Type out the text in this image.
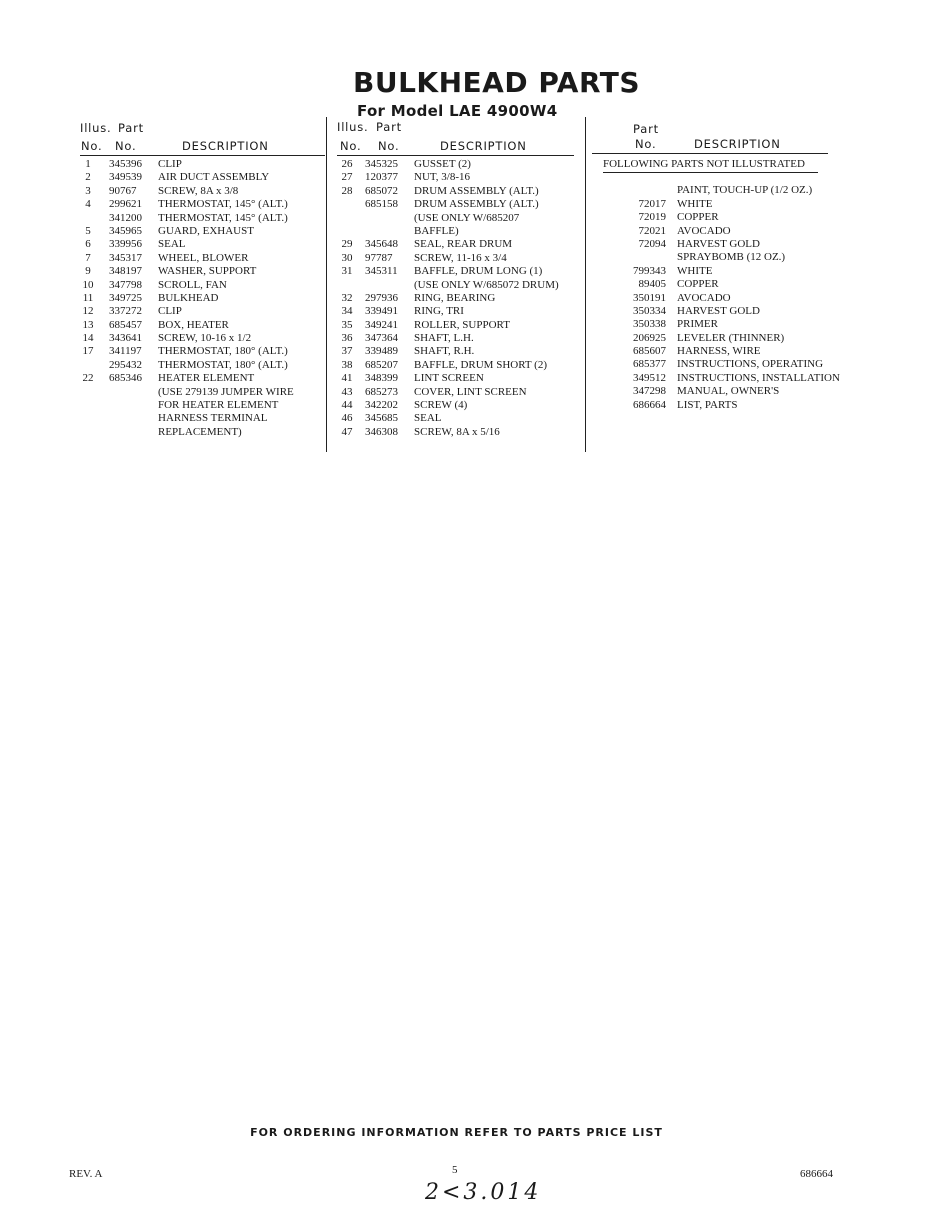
BULKHEAD PARTS
For Model LAE 4900W4
Illus. Part
No. No.	DESCRIPTION
Illus. Part
No. No.	DESCRIPTION
Part
No.	DESCRIPTION
1	345396 CLIP
2	349539 AIR DUCT ASSEMBLY
3	90767 SCREW, 8A x 3/8
4	299621 THERMOSTAT, 145° (ALT.)
341200 THERMOSTAT, 145° (ALT.)
5	345965 GUARD, EXHAUST
6	339956 SEAL
7	345317 WHEEL, BLOWER
9	348197 WASHER, SUPPORT
10 347798 SCROLL, FAN
11 349725 BULKHEAD
12 337272 CLIP
13 685457 BOX, HEATER
14 343641 SCREW, 10-16 x 1/2
17 341197 THERMOSTAT, 180° (ALT.)
295432 THERMOSTAT, 180° (ALT.)
22 685346 HEATER ELEMENT
(USE 279139 JUMPER WIRE
FOR HEATER ELEMENT
HARNESS TERMINAL
REPLACEMENT)
26	345325 GUSSET (2)
27	120377 NUT, 3/8-16
28	685072 DRUM ASSEMBLY (ALT.)
685158 DRUM ASSEMBLY (ALT.)
(USE ONLY W/685207
BAFFLE)
29	345648 SEAL, REAR DRUM
30	97787 SCREW, 11-16 x 3/4
31	345311 BAFFLE, DRUM LONG (1)
(USE ONLY W/685072 DRUM)
32	297936 RING, BEARING
34	339491 RING, TRI
35	349241 ROLLER, SUPPORT
36	347364 SHAFT, L.H.
37	339489 SHAFT, R.H.
38	685207 BAFFLE, DRUM SHORT (2)
41	348399 LINT SCREEN
43	685273 COVER, LINT SCREEN
44	342202 SCREW (4)
46	345685 SEAL
47	346308 SCREW, 8A x 5/16
FOLLOWING PARTS NOT ILLUSTRATED
PAINT, TOUCH-UP (1/2 OZ.)
72017 WHITE
72019 COPPER
72021 AVOCADO
72094 HARVEST GOLD
SPRAYBOMB (12 OZ.)
799343 WHITE
89405 COPPER
350191 AVOCADO
350334 HARVEST GOLD
350338 PRIMER
206925 LEVELER (THINNER)
685607 HARNESS, WIRE
685377 INSTRUCTIONS, OPERATING
349512 INSTRUCTIONS, INSTALLATION
347298 MANUAL, OWNER'S
686664 LIST, PARTS
FOR ORDERING INFORMATION REFER TO PARTS PRICE LIST
REV. A	5	686664
2<3.014
